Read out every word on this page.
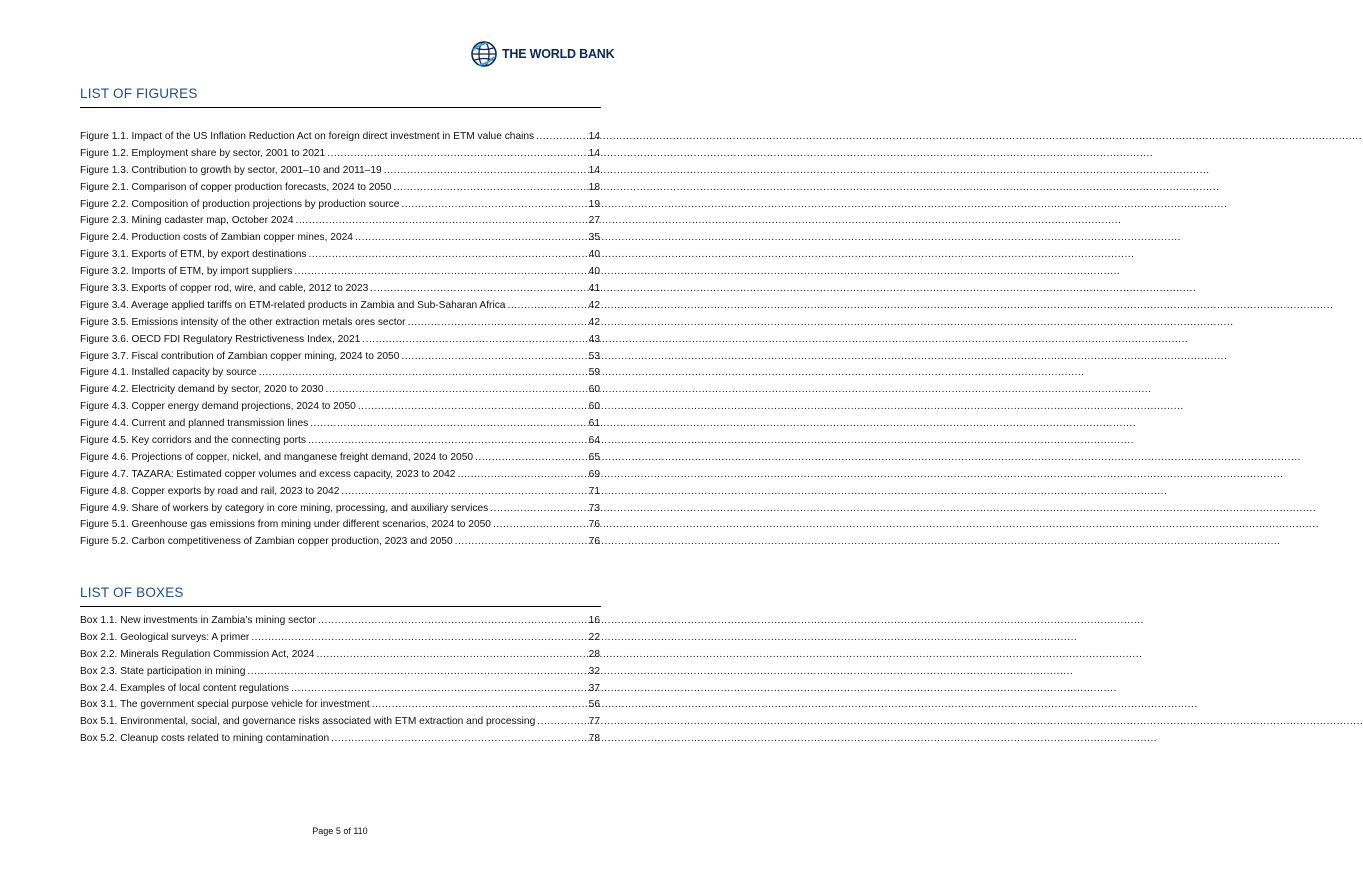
THE WORLD BANK
LIST OF FIGURES
Figure 1.1. Impact of the US Inflation Reduction Act on foreign direct investment in ETM value chains .....	14
Figure 1.2. Employment share by sector, 2001 to 2021 .....	14
Figure 1.3. Contribution to growth by sector, 2001–10 and 2011–19 .....	14
Figure 2.1. Comparison of copper production forecasts, 2024 to 2050 .....	18
Figure 2.2. Composition of production projections by production source .....	19
Figure 2.3. Mining cadaster map, October 2024 .....	27
Figure 2.4. Production costs of Zambian copper mines, 2024 .....	35
Figure 3.1. Exports of ETM, by export destinations .....	40
Figure 3.2. Imports of ETM, by import suppliers .....	40
Figure 3.3. Exports of copper rod, wire, and cable, 2012 to 2023 .....	41
Figure 3.4. Average applied tariffs on ETM-related products in Zambia and Sub-Saharan Africa .....	42
Figure 3.5. Emissions intensity of the other extraction metals ores sector .....	42
Figure 3.6. OECD FDI Regulatory Restrictiveness Index, 2021 .....	43
Figure 3.7. Fiscal contribution of Zambian copper mining, 2024 to 2050 .....	53
Figure 4.1. Installed capacity by source .....	59
Figure 4.2. Electricity demand by sector, 2020 to 2030 .....	60
Figure 4.3. Copper energy demand projections, 2024 to 2050 .....	60
Figure 4.4. Current and planned transmission lines .....	61
Figure 4.5. Key corridors and the connecting ports .....	64
Figure 4.6. Projections of copper, nickel, and manganese freight demand, 2024 to 2050 .....	65
Figure 4.7. TAZARA: Estimated copper volumes and excess capacity, 2023 to 2042 .....	69
Figure 4.8. Copper exports by road and rail, 2023 to 2042 .....	71
Figure 4.9. Share of workers by category in core mining, processing, and auxiliary services .....	73
Figure 5.1. Greenhouse gas emissions from mining under different scenarios, 2024 to 2050 .....	76
Figure 5.2. Carbon competitiveness of Zambian copper production, 2023 and 2050 .....	76
LIST OF BOXES
Box 1.1. New investments in Zambia’s mining sector .....	16
Box 2.1. Geological surveys: A primer .....	22
Box 2.2. Minerals Regulation Commission Act, 2024 .....	28
Box 2.3. State participation in mining .....	32
Box 2.4. Examples of local content regulations .....	37
Box 3.1. The government special purpose vehicle for investment .....	56
Box 5.1. Environmental, social, and governance risks associated with ETM extraction and processing .....	77
Box 5.2. Cleanup costs related to mining contamination .....	78
Page 5 of 110
